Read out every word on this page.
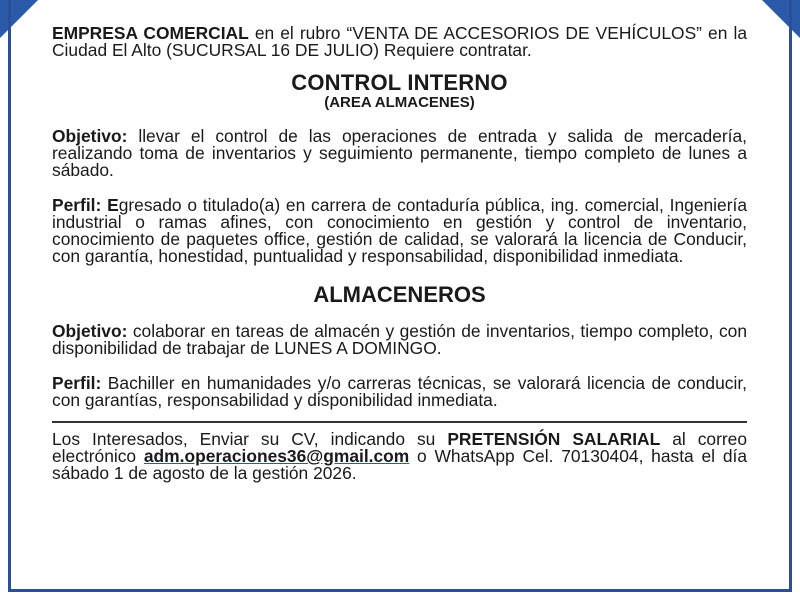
EMPRESA COMERCIAL en el rubro “VENTA DE ACCESORIOS DE VEHÍCULOS” en la Ciudad El Alto (SUCURSAL 16 DE JULIO) Requiere contratar.

CONTROL INTERNO
(AREA ALMACENES)

Objetivo: llevar el control de las operaciones de entrada y salida de mercadería, realizando toma de inventarios y seguimiento permanente, tiempo completo de lunes a sábado.

Perfil: Egresado o titulado(a) en carrera de contaduría pública, ing. comercial, Ingeniería industrial o ramas afines, con conocimiento en gestión y control de inventario, conocimiento de paquetes office, gestión de calidad, se valorará la licencia de Conducir, con garantía, honestidad, puntualidad y responsabilidad, disponibilidad inmediata.

ALMACENEROS

Objetivo: colaborar en tareas de almacén y gestión de inventarios, tiempo completo, con disponibilidad de trabajar de LUNES A DOMINGO.

Perfil: Bachiller en humanidades y/o carreras técnicas, se valorará licencia de conducir, con garantías, responsabilidad y disponibilidad inmediata.

Los Interesados, Enviar su CV, indicando su PRETENSIÓN SALARIAL al correo electrónico adm.operaciones36@gmail.com o WhatsApp Cel. 70130404, hasta el día sábado 1 de agosto de la gestión 2026.
